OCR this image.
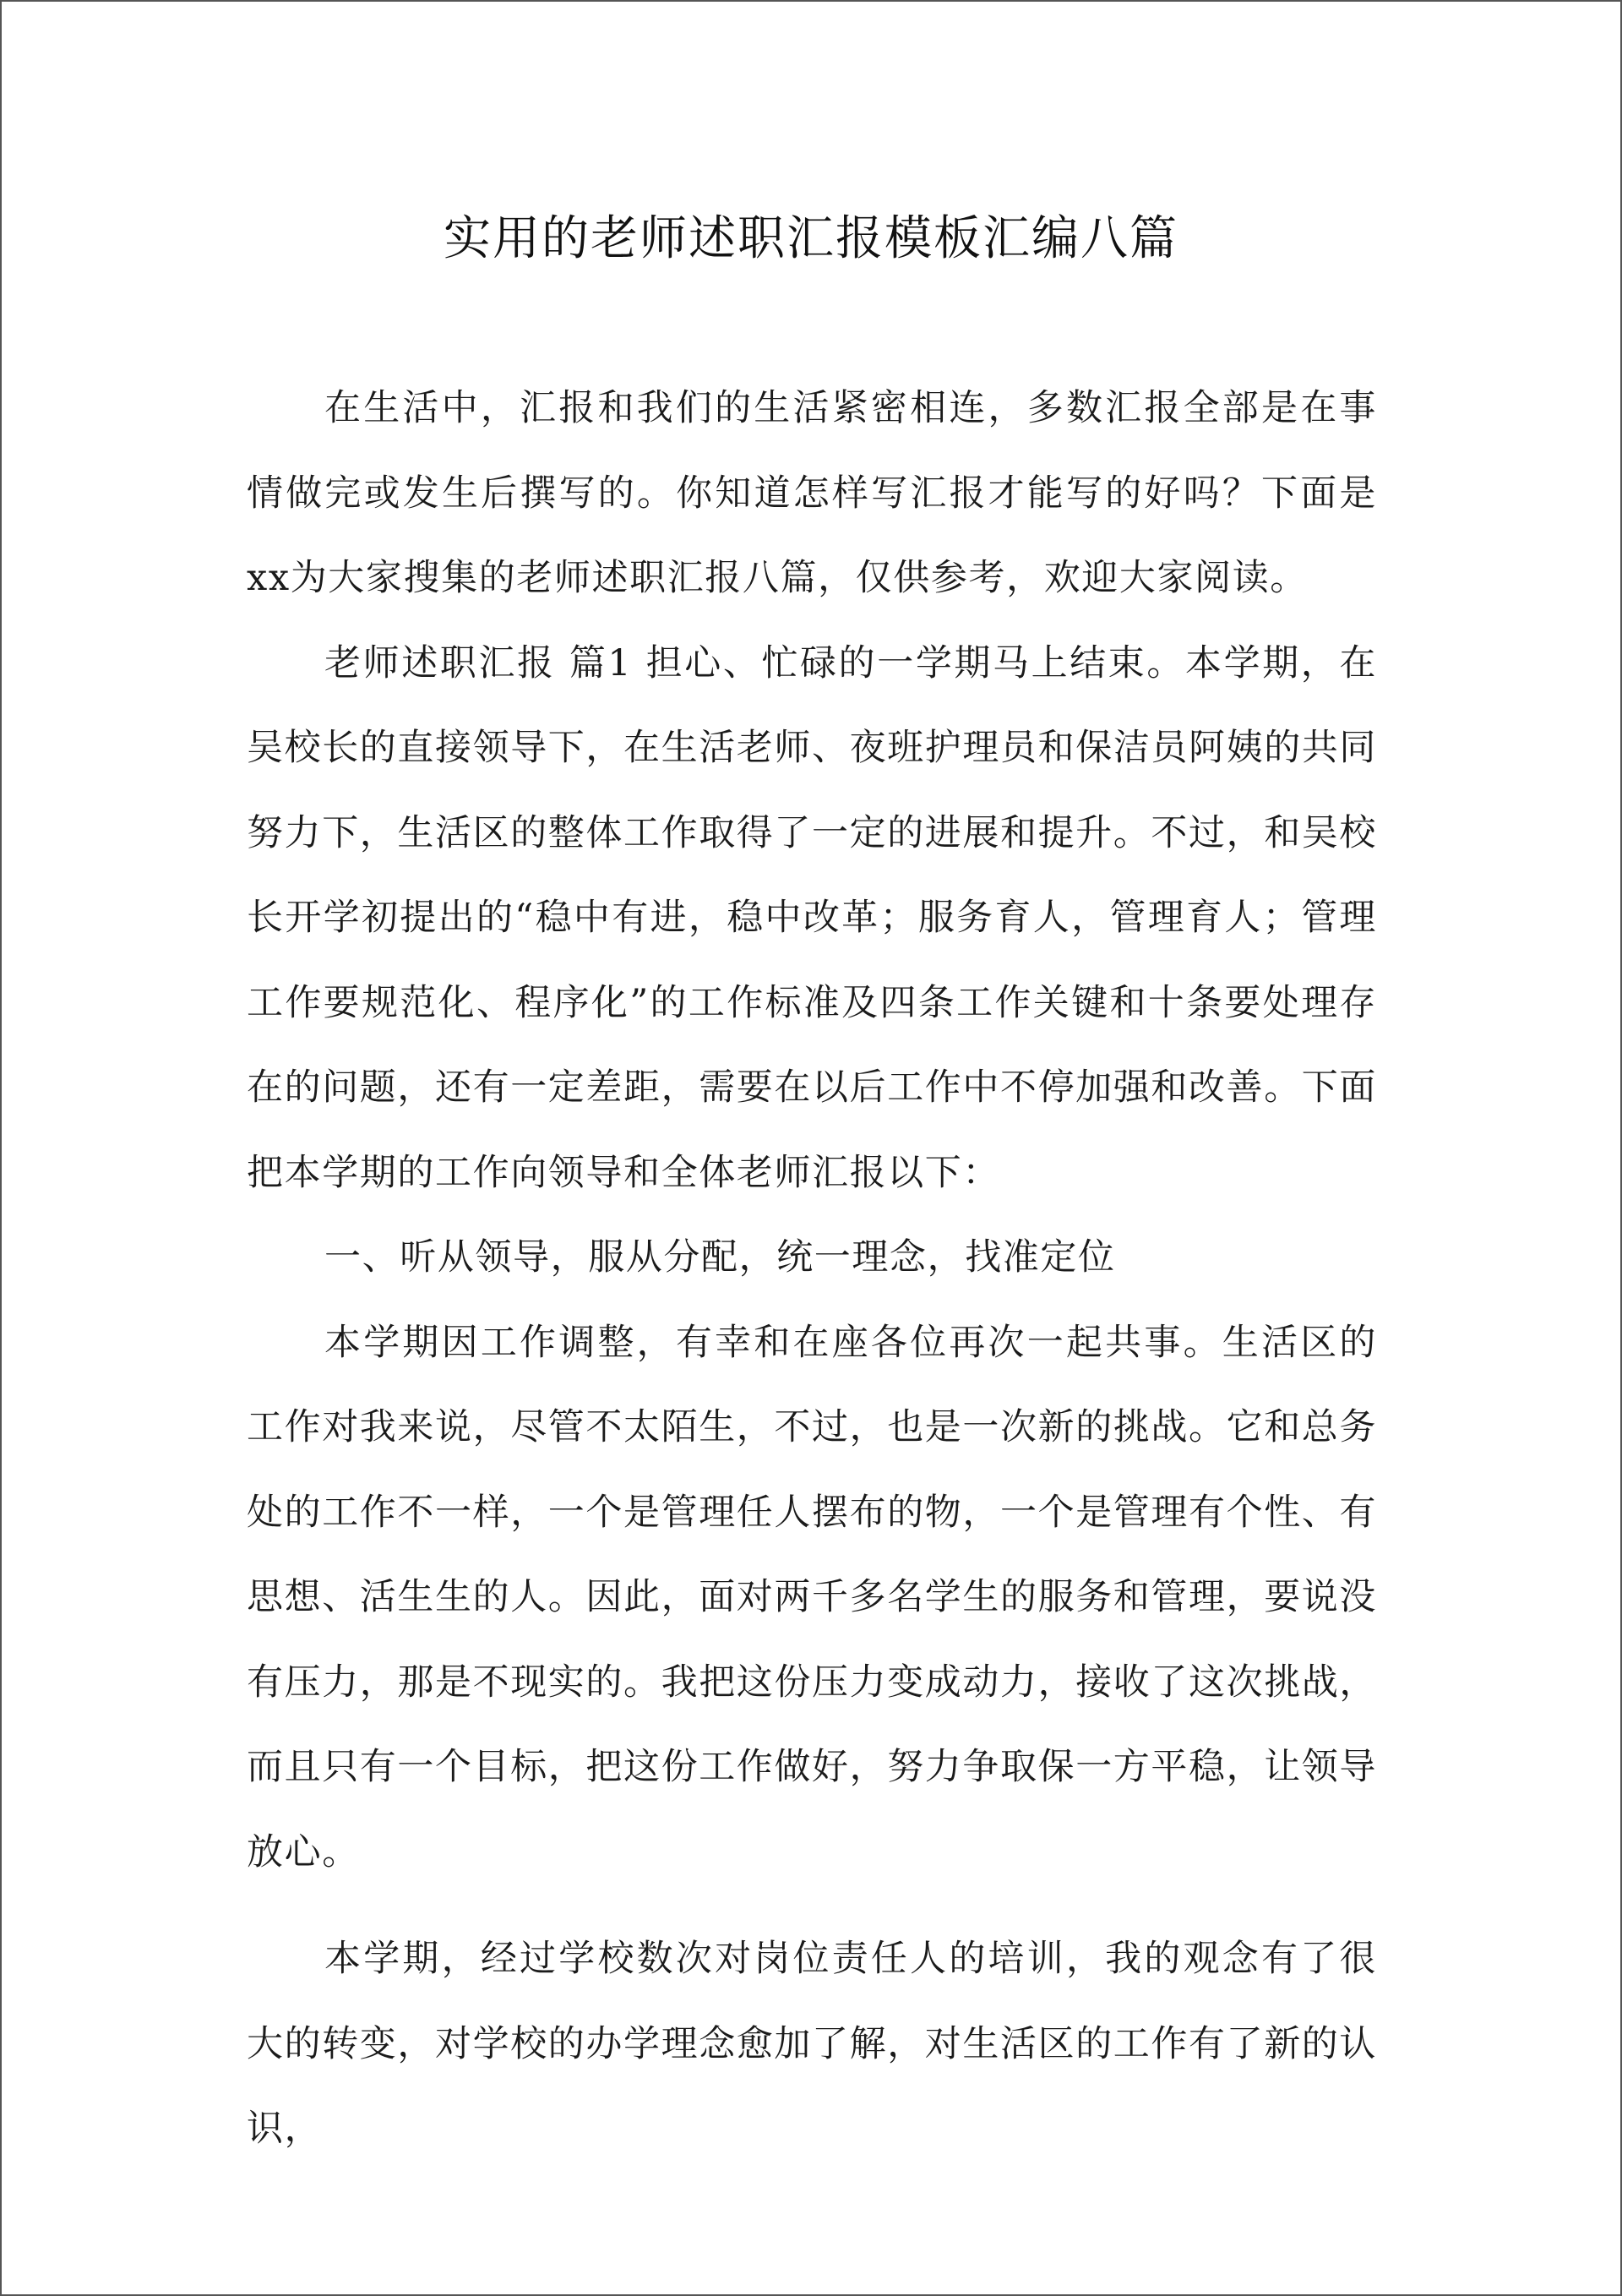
实用的老师述职汇报模板汇编八篇

在生活中，汇报和我们的生活紧密相连，多数汇报全部是在事情做完或发生后撰写的。你知道怎样写汇报才能写的好吗？下面是xx为大家搜集的老师述职汇报八篇，仅供参考，欢迎大家阅读。

老师述职汇报 篇1 担心、忙碌的一学期马上结束。本学期，在吴校长的直接领导下，在生活老师、夜班护理员和保洁员阿姨的共同努力下，生活区的整体工作取得了一定的进展和提升。不过，和吴校长开学初提出的“稳中有进，稳中改革；服务育人，管理育人；管理工作要规范化、程序化”的工作标准及四条工作关键和十条要处理存在的问题，还有一定差距，需要在以后工作中不停加强和改善。下面把本学期的工作向领导和全体老师汇报以下：

一、听从领导，服从分配，统一理念，找准定位

本学期因工作调整，有幸和在座各位再次一起共事。生活区的工作对我来说，尽管不太陌生，不过，也是一次新的挑战。它和总务处的工作不一样，一个是管理任人摆布的物，一个是管理有个性、有思想、活生生的人。因此，面对两千多名学生的服务和管理，要说没有压力，那是不现实的。我把这份压力变成动力，接收了这次挑战，而且只有一个目标，把这份工作做好，努力争取保一方平稳，让领导放心。

本学期，经过学校数次对岗位责任人的培训，我的观念有了很大的转变，对学校的办学理念愈加了解，对生活区的工作有了新的认识，
